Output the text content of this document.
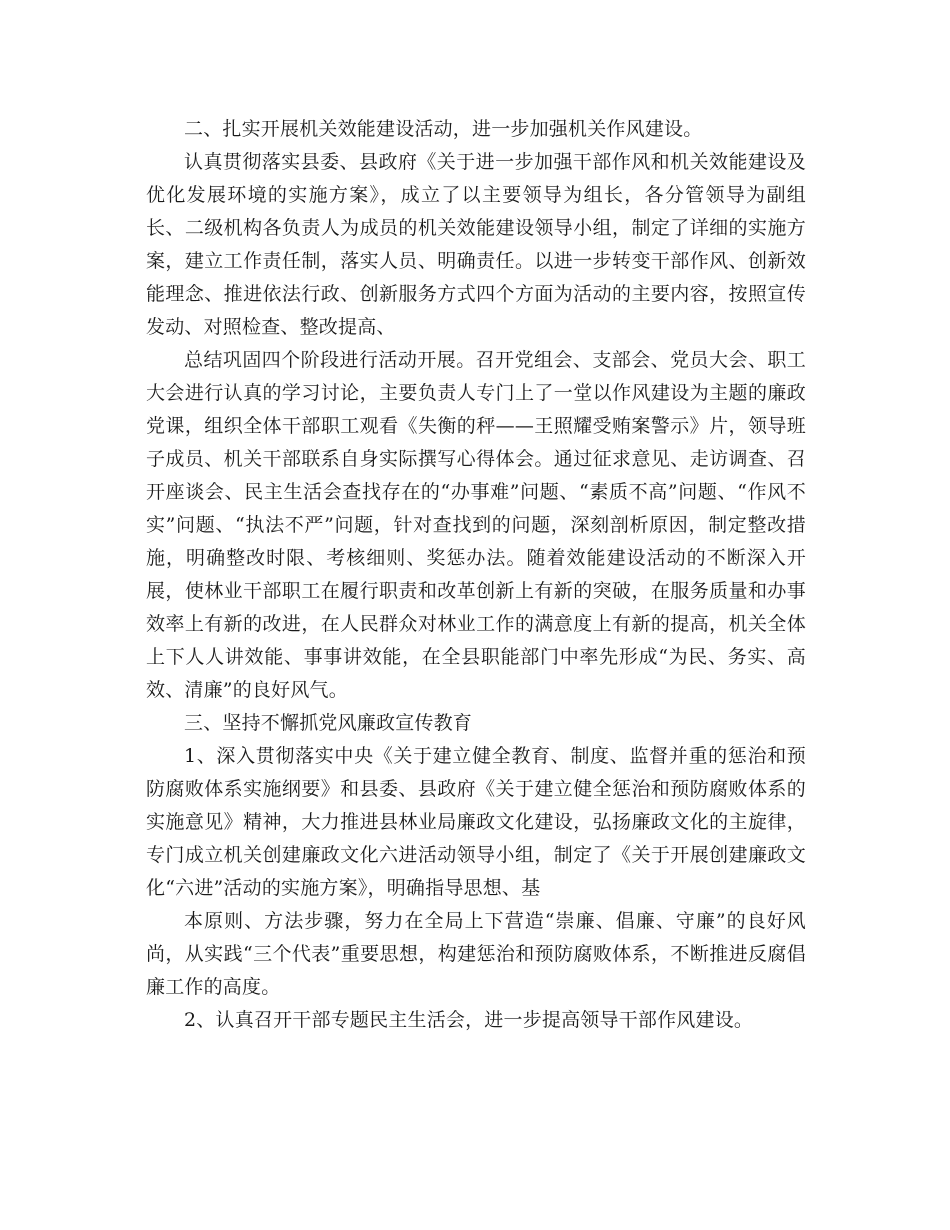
二、扎实开展机关效能建设活动，进一步加强机关作风建设。

认真贯彻落实县委、县政府《关于进一步加强干部作风和机关效能建设及优化发展环境的实施方案》，成立了以主要领导为组长，各分管领导为副组长、二级机构各负责人为成员的机关效能建设领导小组，制定了详细的实施方案，建立工作责任制，落实人员、明确责任。以进一步转变干部作风、创新效能理念、推进依法行政、创新服务方式四个方面为活动的主要内容，按照宣传发动、对照检查、整改提高、

总结巩固四个阶段进行活动开展。召开党组会、支部会、党员大会、职工大会进行认真的学习讨论，主要负责人专门上了一堂以作风建设为主题的廉政党课，组织全体干部职工观看《失衡的秤——王照耀受贿案警示》片，领导班子成员、机关干部联系自身实际撰写心得体会。通过征求意见、走访调查、召开座谈会、民主生活会查找存在的“办事难”问题、“素质不高”问题、“作风不实”问题、“执法不严”问题，针对查找到的问题，深刻剖析原因，制定整改措施，明确整改时限、考核细则、奖惩办法。随着效能建设活动的不断深入开展，使林业干部职工在履行职责和改革创新上有新的突破，在服务质量和办事效率上有新的改进，在人民群众对林业工作的满意度上有新的提高，机关全体上下人人讲效能、事事讲效能，在全县职能部门中率先形成“为民、务实、高效、清廉”的良好风气。

三、坚持不懈抓党风廉政宣传教育

1、深入贯彻落实中央《关于建立健全教育、制度、监督并重的惩治和预防腐败体系实施纲要》和县委、县政府《关于建立健全惩治和预防腐败体系的实施意见》精神，大力推进县林业局廉政文化建设，弘扬廉政文化的主旋律，专门成立机关创建廉政文化六进活动领导小组，制定了《关于开展创建廉政文化“六进”活动的实施方案》，明确指导思想、基

本原则、方法步骤，努力在全局上下营造“崇廉、倡廉、守廉”的良好风尚，从实践“三个代表”重要思想，构建惩治和预防腐败体系，不断推进反腐倡廉工作的高度。

2、认真召开干部专题民主生活会，进一步提高领导干部作风建设。
